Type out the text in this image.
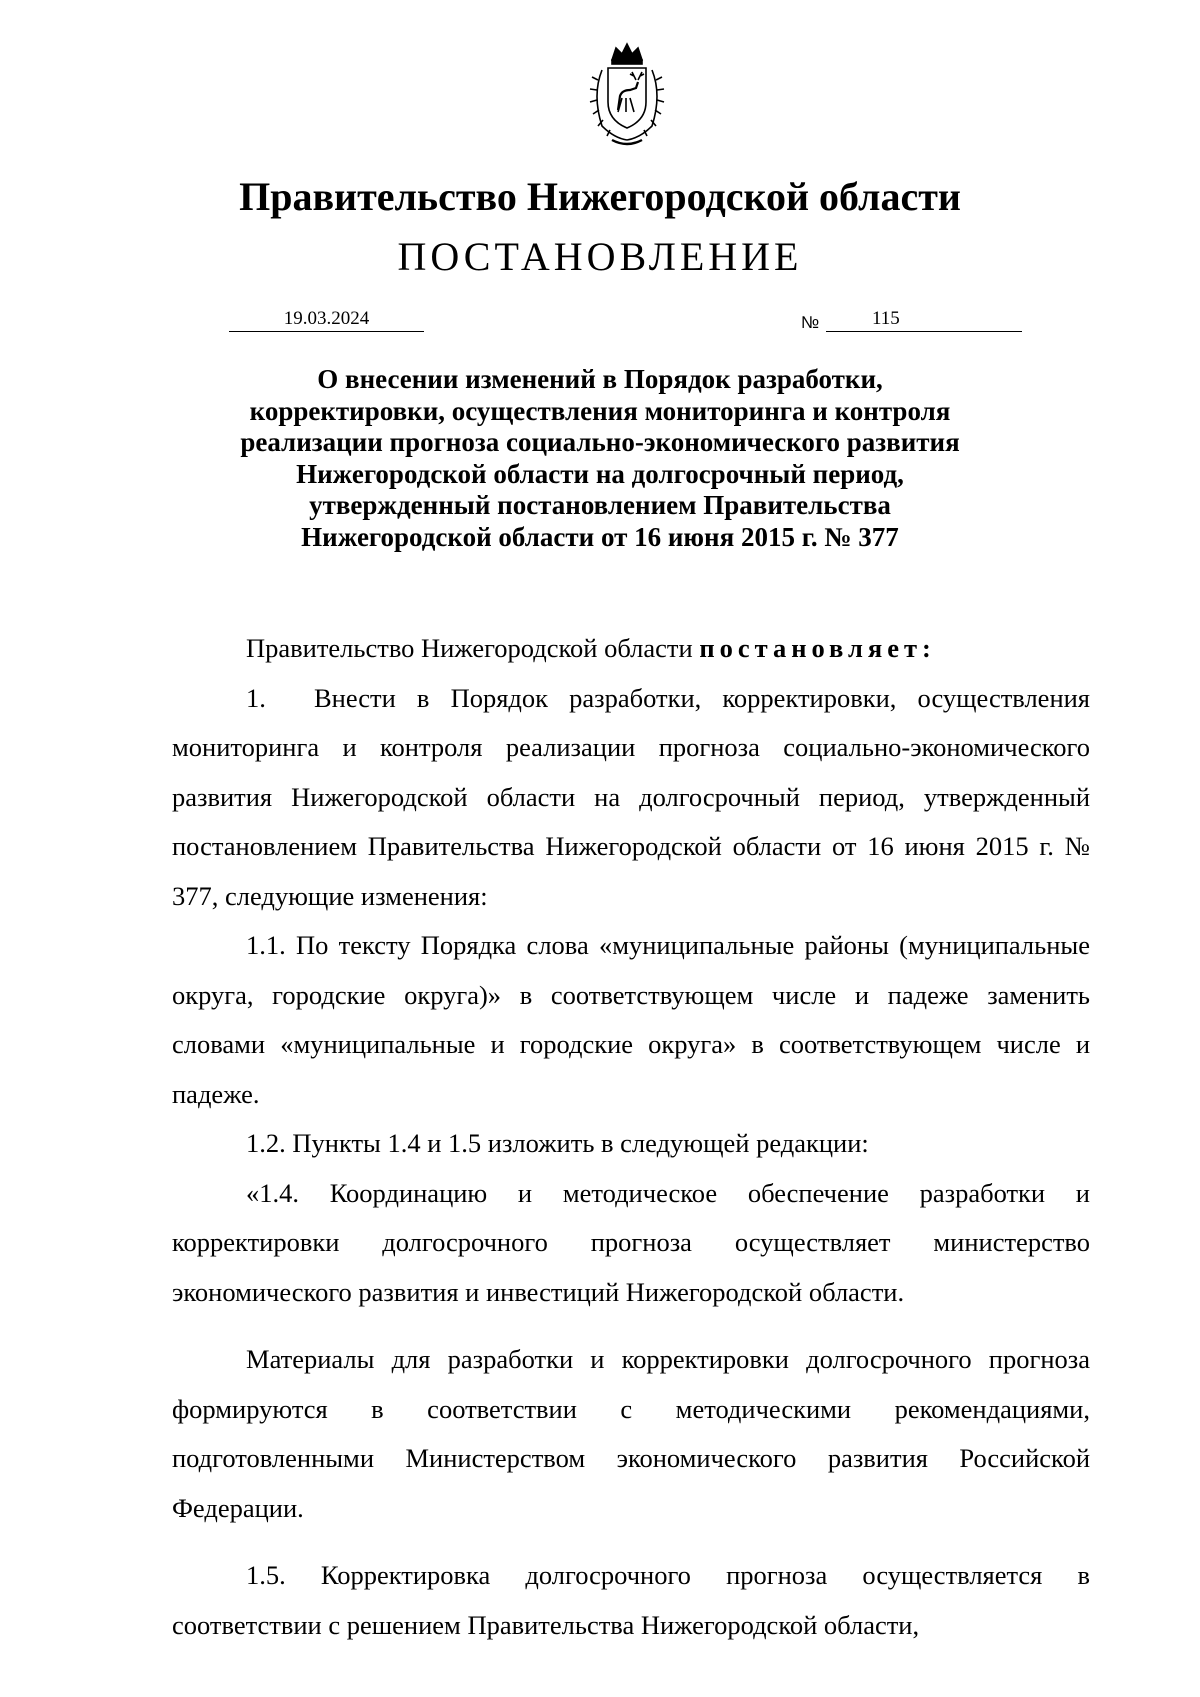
Правительство Нижегородской области
ПОСТАНОВЛЕНИЕ
19.03.2024	№	115
О внесении изменений в Порядок разработки,
корректировки, осуществления мониторинга и контроля
реализации прогноза социально-экономического развития
Нижегородской области на долгосрочный период,
утвержденный постановлением Правительства
Нижегородской области от 16 июня 2015 г. № 377

Правительство Нижегородской области постановляет:

1. Внести в Порядок разработки, корректировки, осуществления мониторинга и контроля реализации прогноза социально-экономического развития Нижегородской области на долгосрочный период, утвержденный постановлением Правительства Нижегородской области от 16 июня 2015 г. № 377, следующие изменения:

1.1. По тексту Порядка слова «муниципальные районы (муниципальные округа, городские округа)» в соответствующем числе и падеже заменить словами «муниципальные и городские округа» в соответствующем числе и падеже.

1.2. Пункты 1.4 и 1.5 изложить в следующей редакции:

«1.4. Координацию и методическое обеспечение разработки и корректировки долгосрочного прогноза осуществляет министерство экономического развития и инвестиций Нижегородской области.

Материалы для разработки и корректировки долгосрочного прогноза формируются в соответствии с методическими рекомендациями, подготовленными Министерством экономического развития Российской Федерации.

1.5. Корректировка долгосрочного прогноза осуществляется в соответствии с решением Правительства Нижегородской области,
